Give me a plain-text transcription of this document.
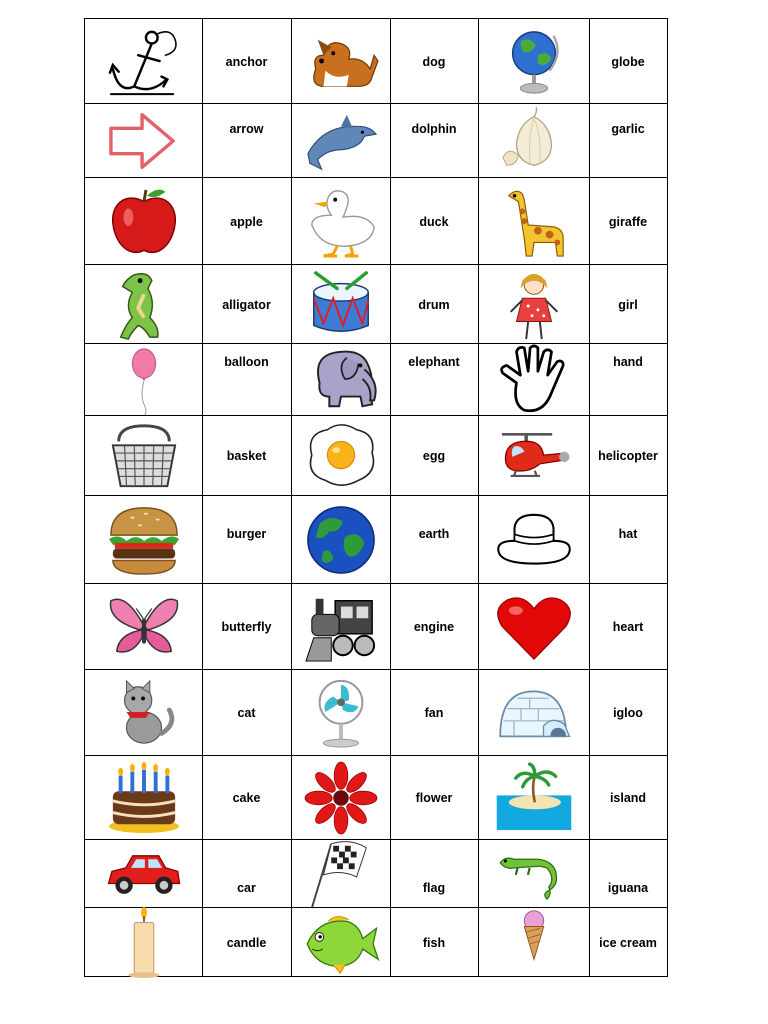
anchor	dog	globe
arrow	dolphin	garlic
apple	duck	giraffe
alligator	drum	girl
balloon	elephant	hand
basket	egg	helicopter
burger	earth	hat
butterfly	engine	heart
cat	fan	igloo
cake	flower	island
car	flag	iguana
candle	fish	ice cream
